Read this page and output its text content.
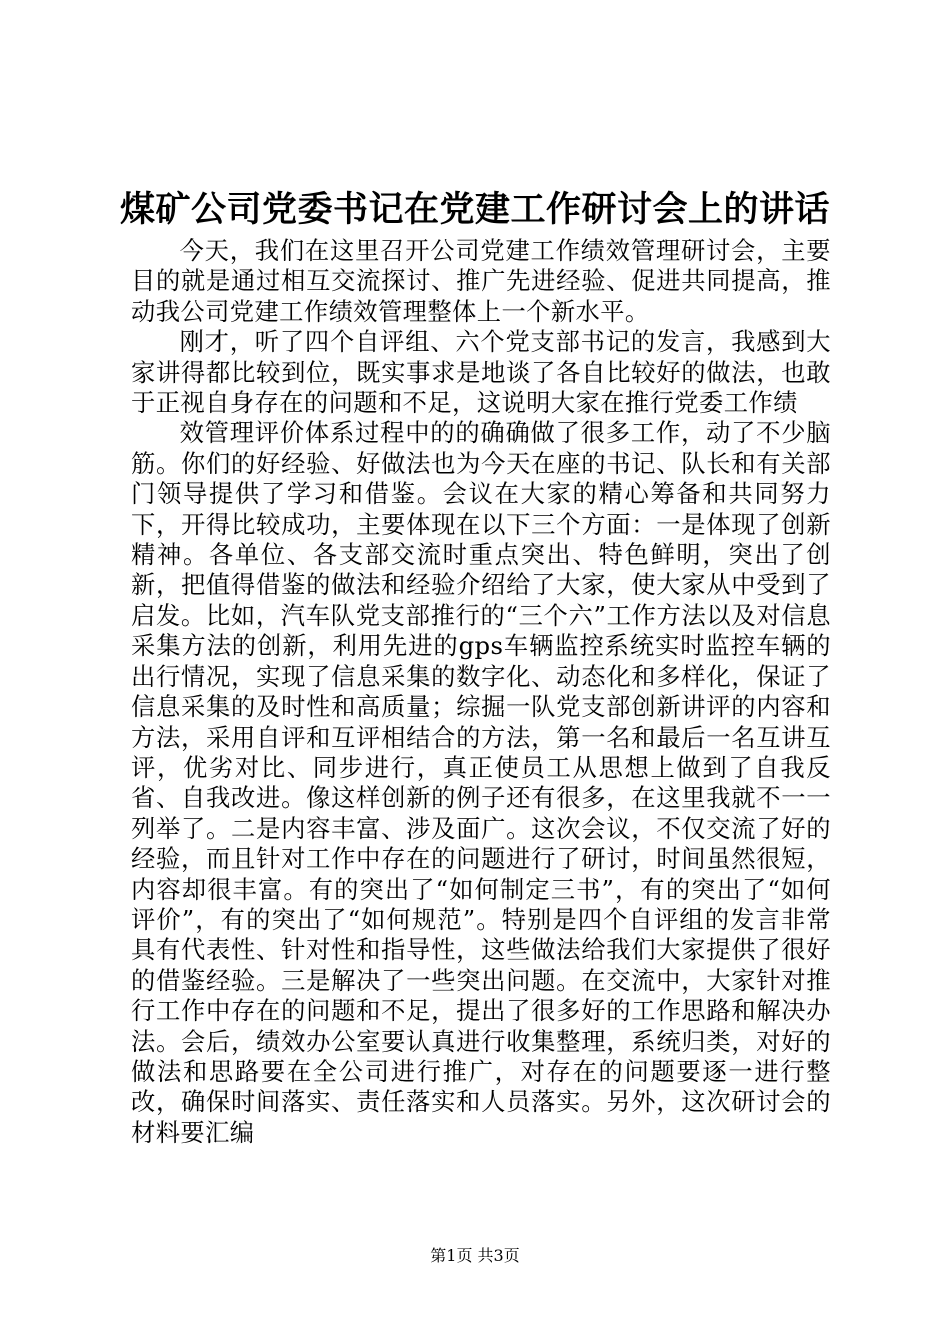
煤矿公司党委书记在党建工作研讨会上的讲话

今天，我们在这里召开公司党建工作绩效管理研讨会，主要目的就是通过相互交流探讨、推广先进经验、促进共同提高，推动我公司党建工作绩效管理整体上一个新水平。

刚才，听了四个自评组、六个党支部书记的发言，我感到大家讲得都比较到位，既实事求是地谈了各自比较好的做法，也敢于正视自身存在的问题和不足，这说明大家在推行党委工作绩

效管理评价体系过程中的的确确做了很多工作，动了不少脑筋。你们的好经验、好做法也为今天在座的书记、队长和有关部门领导提供了学习和借鉴。会议在大家的精心筹备和共同努力下，开得比较成功，主要体现在以下三个方面：一是体现了创新精神。各单位、各支部交流时重点突出、特色鲜明，突出了创新，把值得借鉴的做法和经验介绍给了大家，使大家从中受到了启发。比如，汽车队党支部推行的“三个六”工作方法以及对信息采集方法的创新，利用先进的gps车辆监控系统实时监控车辆的出行情况，实现了信息采集的数字化、动态化和多样化，保证了信息采集的及时性和高质量；综掘一队党支部创新讲评的内容和方法，采用自评和互评相结合的方法，第一名和最后一名互讲互评，优劣对比、同步进行，真正使员工从思想上做到了自我反省、自我改进。像这样创新的例子还有很多，在这里我就不一一列举了。二是内容丰富、涉及面广。这次会议，不仅交流了好的经验，而且针对工作中存在的问题进行了研讨，时间虽然很短，内容却很丰富。有的突出了“如何制定三书”，有的突出了“如何评价”，有的突出了“如何规范”。特别是四个自评组的发言非常具有代表性、针对性和指导性，这些做法给我们大家提供了很好的借鉴经验。三是解决了一些突出问题。在交流中，大家针对推行工作中存在的问题和不足，提出了很多好的工作思路和解决办法。会后，绩效办公室要认真进行收集整理，系统归类，对好的做法和思路要在全公司进行推广，对存在的问题要逐一进行整改，确保时间落实、责任落实和人员落实。另外，这次研讨会的材料要汇编

第1页 共3页
